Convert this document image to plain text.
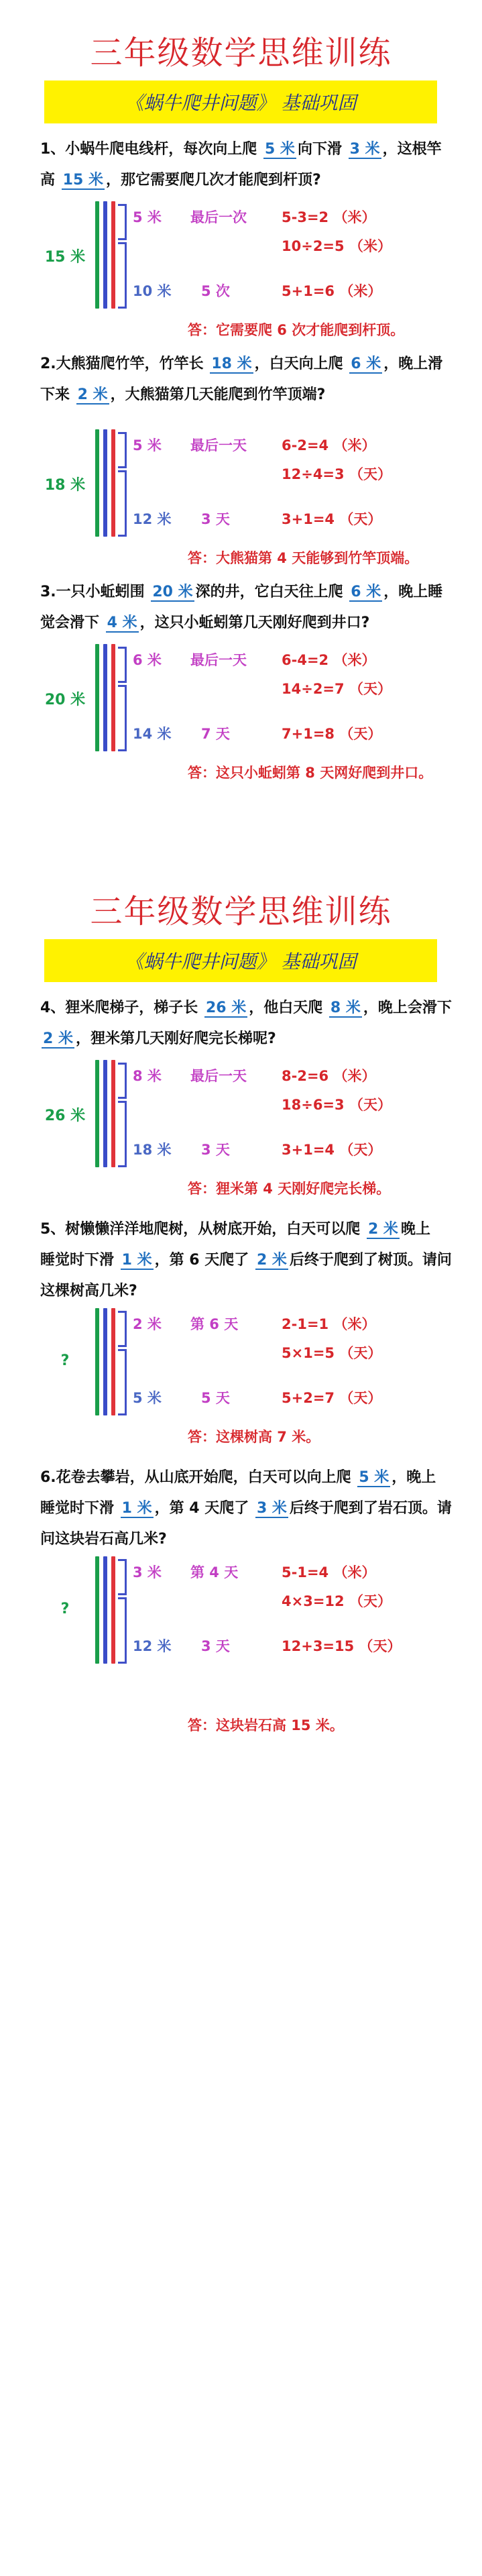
三年级数学思维训练
《蜗牛爬井问题》 基础巩固
三年级数学思维训练
《蜗牛爬井问题》 基础巩固
1、小蜗牛爬电线杆，每次向上爬 5 米 向下滑 3 米 ，这根竿
高 15 米 ，那它需要爬几次才能爬到杆顶?
15 米
5 米 最后一次 5-3=2 （米）
10÷2=5 （米）
10 米 5 次	5+1=6 （米）
答：它需要爬 6 次才能爬到杆顶。
2.大熊猫爬竹竿，竹竿长 18 米 ，白天向上爬 6 米 ，晚上滑
下来 2 米 ，大熊猫第几天能爬到竹竿顶端?
18 米
5 米 最后一天 6-2=4 （米）
12÷4=3 （天）
12 米 3 天	3+1=4 （天）
答：大熊猫第 4 天能够到竹竿顶端。
3.一只小蚯蚓围 20 米 深的井，它白天往上爬 6 米 ，晚上睡
觉会滑下 4 米 ，这只小蚯蚓第几天刚好爬到井口?
20 米
6 米 最后一天 6-4=2 （米）
14÷2=7 （天）
14 米 7 天	7+1=8 （天）
答：这只小蚯蚓第 8 天网好爬到井口。
4、狸米爬梯子，梯子长 26 米 ，他白天爬 8 米 ，晚上会滑下
2 米 ，狸米第几天刚好爬完长梯呢?
26 米
8 米 最后一天 8-2=6 （米）
18÷6=3 （天）
18 米 3 天	3+1=4 （天）
答：狸米第 4 天刚好爬完长梯。
5、树懒懒洋洋地爬树，从树底开始，白天可以爬 2 米 晚上
睡觉时下滑 1 米 ，第 6 天爬了 2 米 后终于爬到了树顶。请问
这棵树高几米?
?
2 米 第 6 天	2-1=1 （米）
5×1=5 （天）
5 米	5 天	5+2=7 （天）
答：这棵树高 7 米。
6.花卷去攀岩，从山底开始爬，白天可以向上爬 5 米 ，晚上
睡觉时下滑 1 米 ，第 4 天爬了 3 米 后终于爬到了岩石顶。请
问这块岩石高几米?
?
3 米 第 4 天	5-1=4 （米）
4×3=12 （天）
12 米 3 天	12+3=15 （天）
答：这块岩石高 15 米。
